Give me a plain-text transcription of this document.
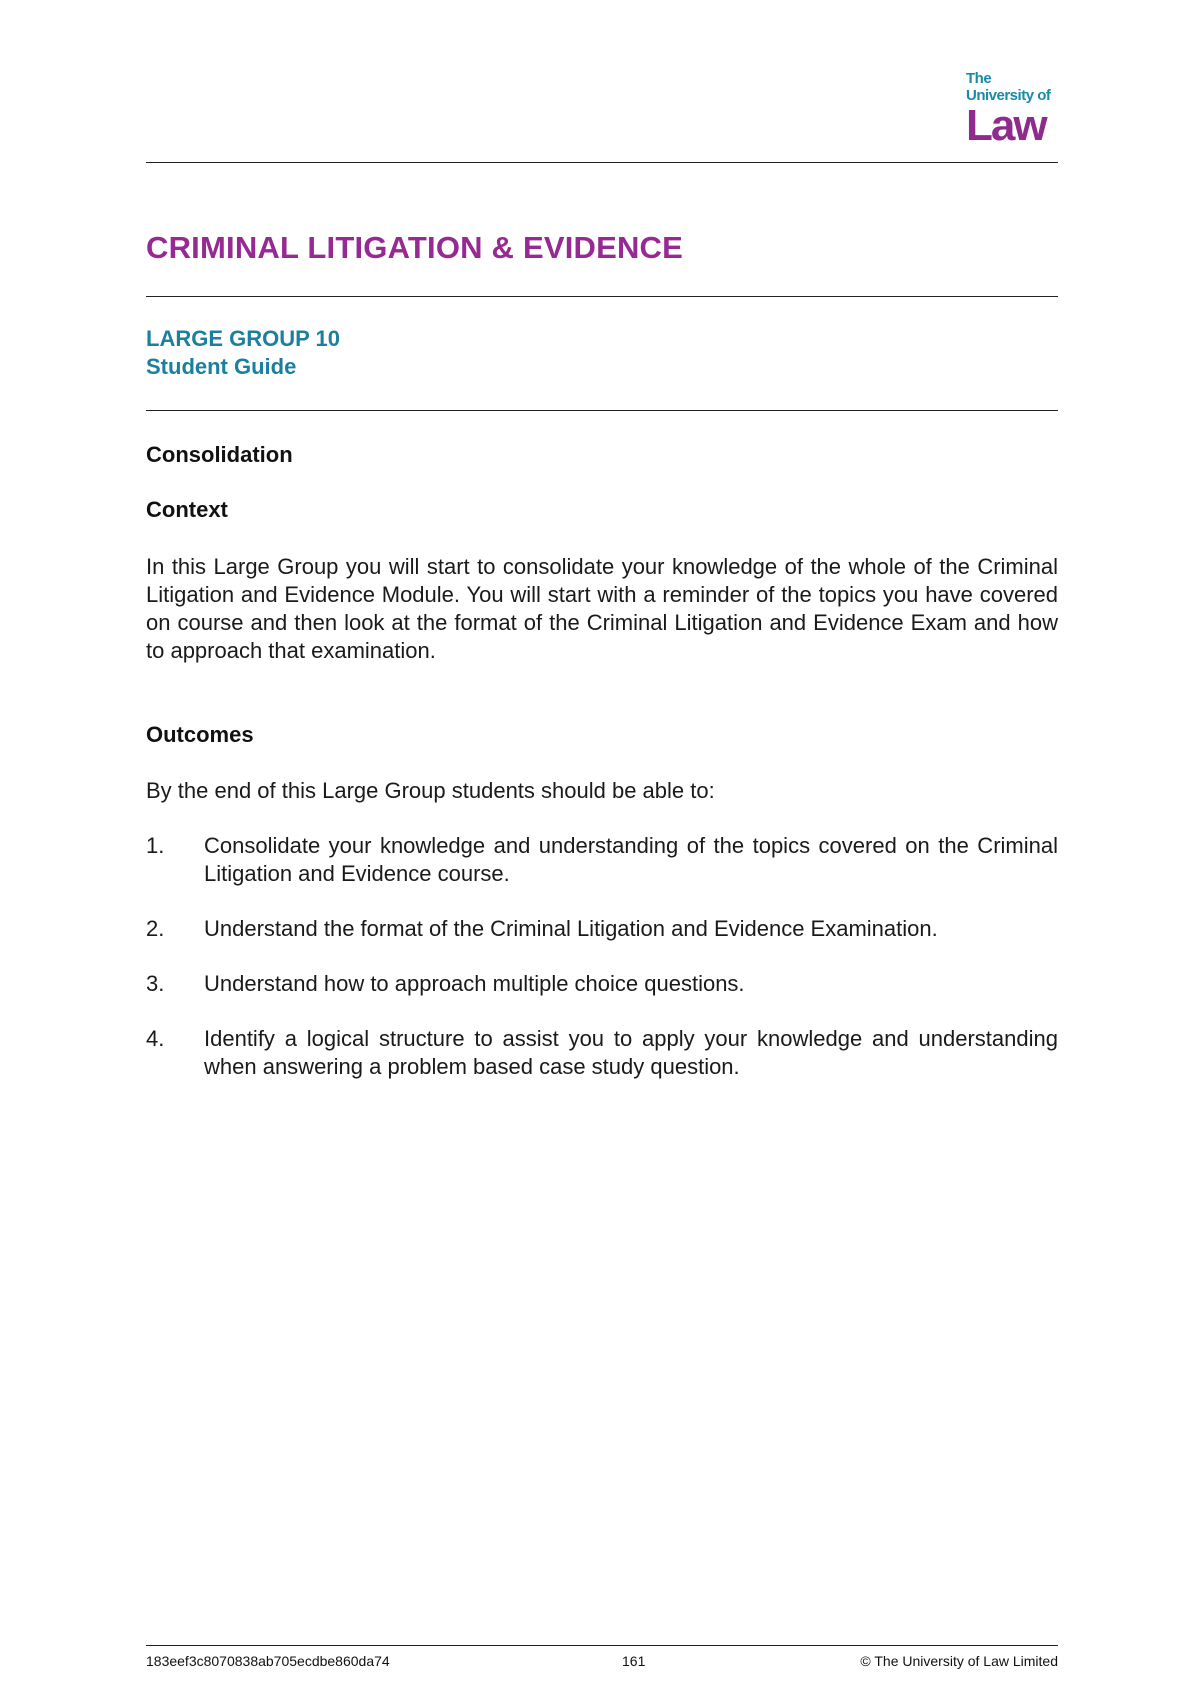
The
University of
Law
CRIMINAL LITIGATION & EVIDENCE
LARGE GROUP 10
Student Guide
Consolidation
Context
In this Large Group you will start to consolidate your knowledge of the whole of the Criminal Litigation and Evidence Module. You will start with a reminder of the topics you have covered on course and then look at the format of the Criminal Litigation and Evidence Exam and how to approach that examination.
Outcomes
By the end of this Large Group students should be able to:
1. Consolidate your knowledge and understanding of the topics covered on the Criminal Litigation and Evidence course.
2. Understand the format of the Criminal Litigation and Evidence Examination.
3. Understand how to approach multiple choice questions.
4. Identify a logical structure to assist you to apply your knowledge and understanding when answering a problem based case study question.
183eef3c8070838ab705ecdbe860da74	161	© The University of Law Limited
